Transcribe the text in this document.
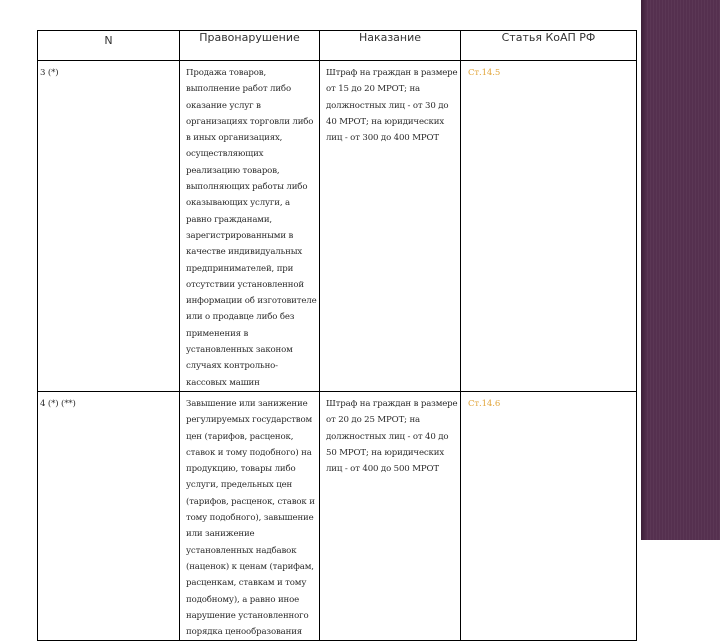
N	Правонарушение	Наказание	Статья КоАП РФ

3 (*)	Продажа товаров, выполнение работ либо оказание услуг в организациях торговли либо в иных организациях, осуществляющих реализацию товаров, выполняющих работы либо оказывающих услуги, а равно гражданами, зарегистрированными в качестве индивидуальных предпринимателей, при отсутствии установленной информации об изготовителе или о продавце либо без применения в установленных законом случаях контрольно-кассовых машин	Штраф на граждан в размере от 15 до 20 МРОТ; на должностных лиц - от 30 до 40 МРОТ; на юридических лиц - от 300 до 400 МРОТ	Ст.14.5

4 (*) (**)	Завышение или занижение регулируемых государством цен (тарифов, расценок, ставок и тому подобного) на продукцию, товары либо услуги, предельных цен (тарифов, расценок, ставок и тому подобного), завышение или занижение установленных надбавок (наценок) к ценам (тарифам, расценкам, ставкам и тому подобному), а равно иное нарушение установленного порядка ценообразования	Штраф на граждан в размере от 20 до 25 МРОТ; на должностных лиц - от 40 до 50 МРОТ; на юридических лиц - от 400 до 500 МРОТ	Ст.14.6
